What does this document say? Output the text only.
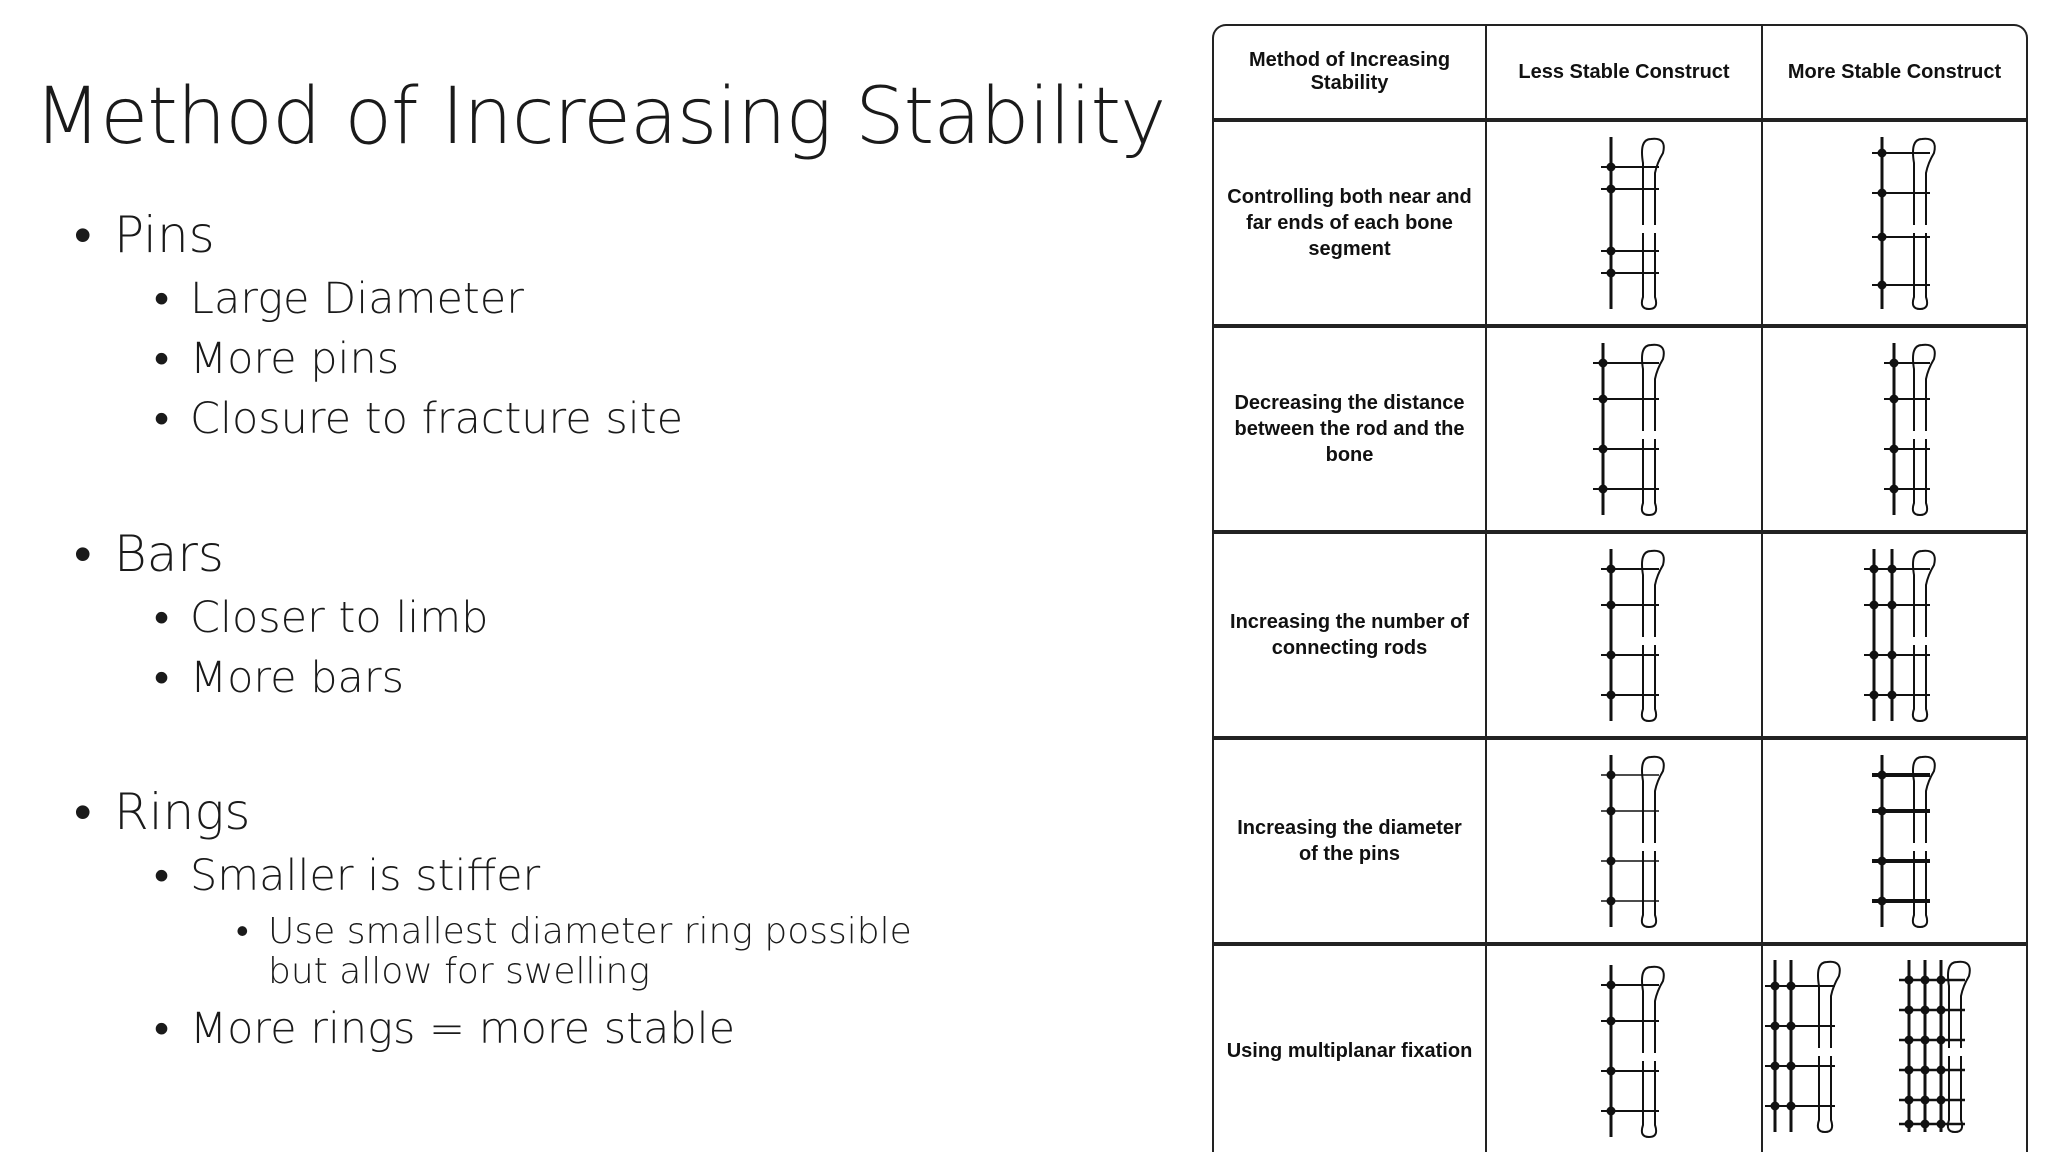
Method of Increasing Stability
• Pins
• Large Diameter
• More pins
• Closure to fracture site
• Bars
• Closer to limb
• More bars
• Rings
• Smaller is stiffer
• Use smallest diameter ring possible
but allow for swelling
• More rings = more stable
Method of Increasing Stability	Less Stable Construct	More Stable Construct
Controlling both near and far ends of each bone segment	

Decreasing the distance between the rod and the bone	

Increasing the number of connecting rods	

Increasing the diameter of the pins	

Using multiplanar fixation	
